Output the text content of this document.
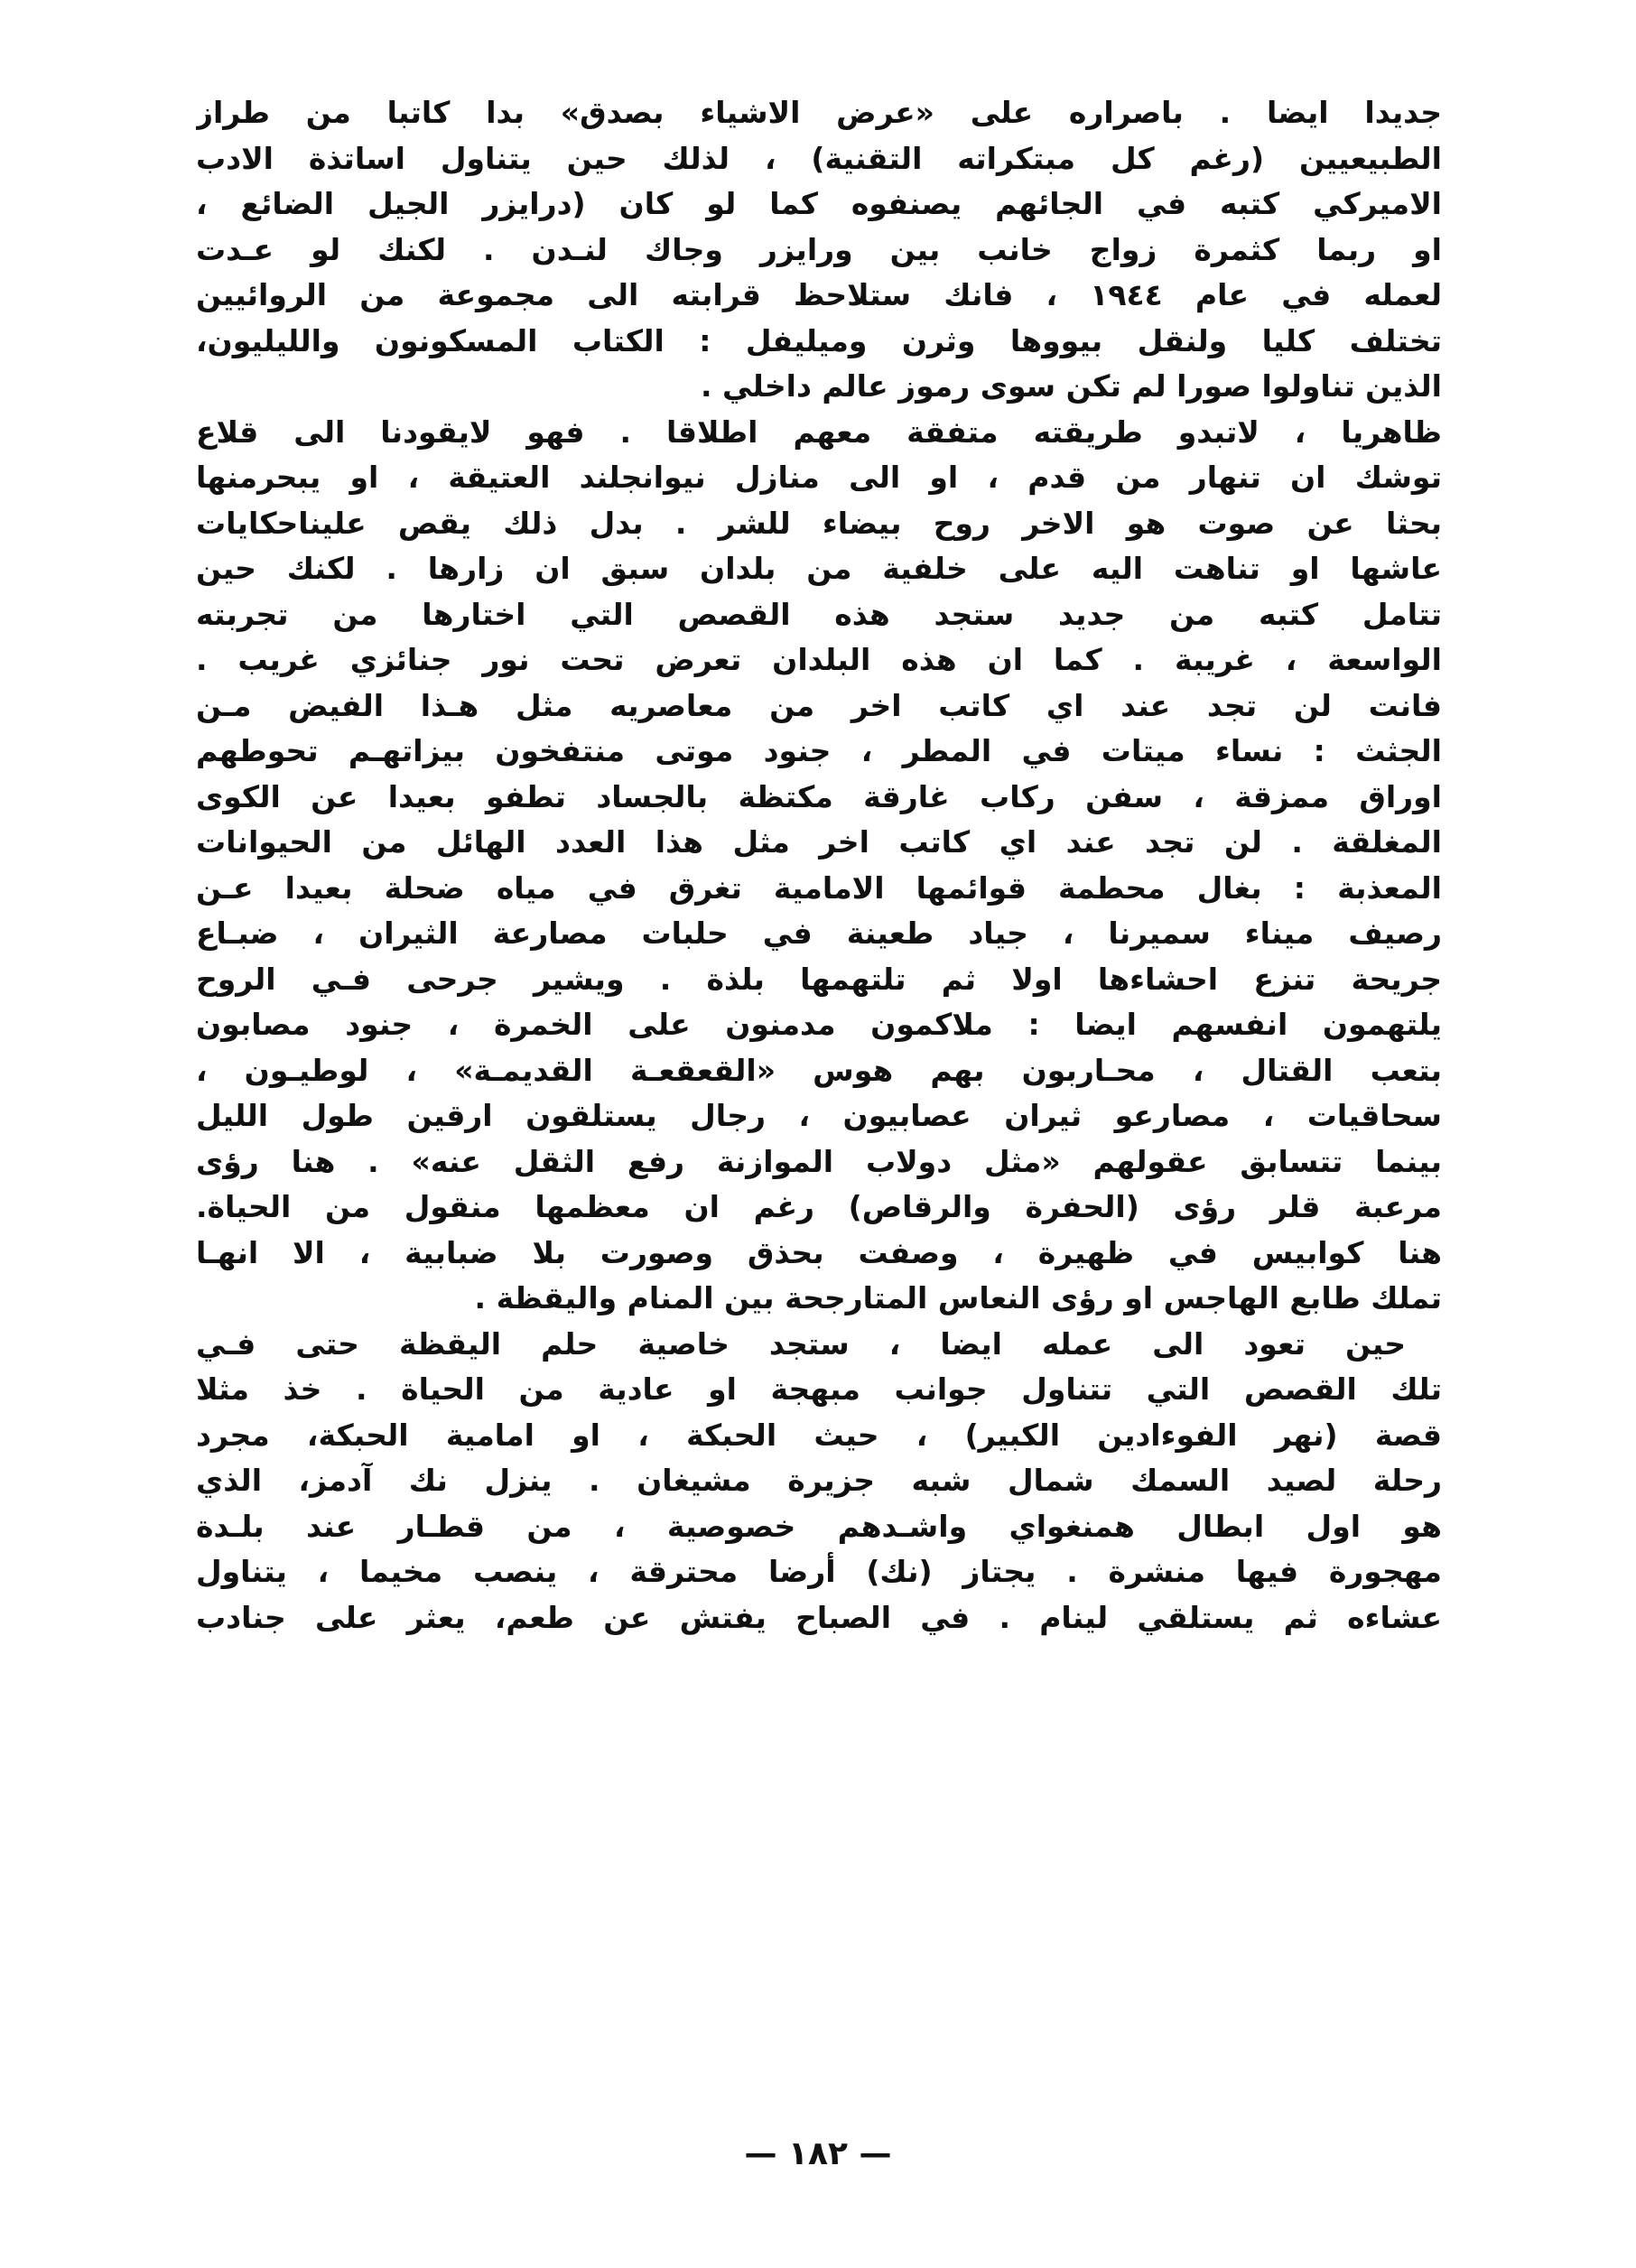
جديدا ايضا . باصراره على «عرض الاشياء بصدق» بدا كاتبا من طراز
الطبيعيين (رغم كل مبتكراته التقنية) ، لذلك حين يتناول اساتذة الادب
الاميركي كتبه في الجائهم يصنفوه كما لو كان (درايزر الجيل الضائع ،
او ربما كثمرة زواج خانب بين ورايزر وجاك لنـدن . لكنك لو عـدت
لعمله في عام ١٩٤٤ ، فانك ستلاحظ قرابته الى مجموعة من الروائيين
تختلف كليا ولنقل بيووها وثرن وميليفل : الكتاب المسكونون والليليون،
الذين تناولوا صورا لم تكن سوى رموز عالم داخلي .
ظاهريا ، لاتبدو طريقته متفقة معهم اطلاقا . فهو لايقودنا الى قلاع
توشك ان تنهار من قدم ، او الى منازل نيوانجلند العتيقة ، او يبحرمنها
بحثا عن صوت هو الاخر روح بيضاء للشر . بدل ذلك يقص عليناحكايات
عاشها او تناهت اليه على خلفية من بلدان سبق ان زارها . لكنك حين
تتامل كتبه من جديد ستجد هذه القصص التي اختارها من تجربته
الواسعة ، غريبة . كما ان هذه البلدان تعرض تحت نور جنائزي غريب .
فانت لن تجد عند اي كاتب اخر من معاصريه مثل هـذا الفيض مـن
الجثث : نساء ميتات في المطر ، جنود موتى منتفخون بيزاتهـم تحوطهم
اوراق ممزقة ، سفن ركاب غارقة مكتظة بالجساد تطفو بعيدا عن الكوى
المغلقة . لن تجد عند اي كاتب اخر مثل هذا العدد الهائل من الحيوانات
المعذبة : بغال محطمة قوائمها الامامية تغرق في مياه ضحلة بعيدا عـن
رصيف ميناء سميرنا ، جياد طعينة في حلبات مصارعة الثيران ، ضبـاع
جريحة تنزع احشاءها اولا ثم تلتهمها بلذة . ويشير جرحى فـي الروح
يلتهمون انفسهم ايضا : ملاكمون مدمنون على الخمرة ، جنود مصابون
بتعب القتال ، محـاربون بهم هوس «القعقعـة القديمـة» ، لوطيـون ،
سحاقيات ، مصارعو ثيران عصابيون ، رجال يستلقون ارقين طول الليل
بينما تتسابق عقولهم «مثل دولاب الموازنة رفع الثقل عنه» . هنا رؤى
مرعبة قلر رؤى (الحفرة والرقاص) رغم ان معظمها منقول من الحياة.
هنا كوابيس في ظهيرة ، وصفت بحذق وصورت بلا ضبابية ، الا انهـا
تملك طابع الهاجس او رؤى النعاس المتارجحة بين المنام واليقظة .
حين تعود الى عمله ايضا ، ستجد خاصية حلم اليقظة حتى فـي
تلك القصص التي تتناول جوانب مبهجة او عادية من الحياة . خذ مثلا
قصة (نهر الفوءادين الكبير) ، حيث الحبكة ، او امامية الحبكة، مجرد
رحلة لصيد السمك شمال شبه جزيرة مشيغان . ينزل نك آدمز، الذي
هو اول ابطال همنغواي واشـدهم خصوصية ، من قطـار عند بلـدة
مهجورة فيها منشرة . يجتاز (نك) أرضا محترقة ، ينصب مخيما ، يتناول
عشاءه ثم يستلقي لينام . في الصباح يفتش عن طعم، يعثر على جنادب
— ١٨٢ —
